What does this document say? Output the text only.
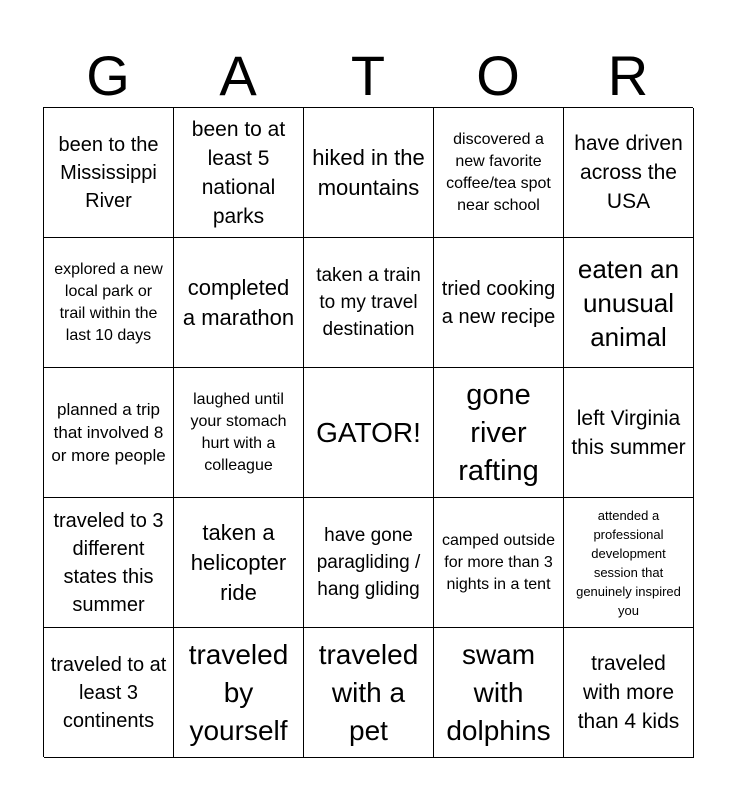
G	A	T	O	R
been to the Mississippi River
been to at least 5 national parks
hiked in the mountains
discovered a new favorite coffee/tea spot near school
have driven across the USA
explored a new local park or trail within the last 10 days
completed a marathon
taken a train to my travel destination
tried cooking a new recipe
eaten an unusual animal
planned a trip that involved 8 or more people
laughed until your stomach hurt with a colleague
GATOR!
gone river rafting
left Virginia this summer
traveled to 3 different states this summer
taken a helicopter ride
have gone paragliding / hang gliding
camped outside for more than 3 nights in a tent
attended a professional development session that genuinely inspired you
traveled to at least 3 continents
traveled by yourself
traveled with a pet
swam with dolphins
traveled with more than 4 kids
